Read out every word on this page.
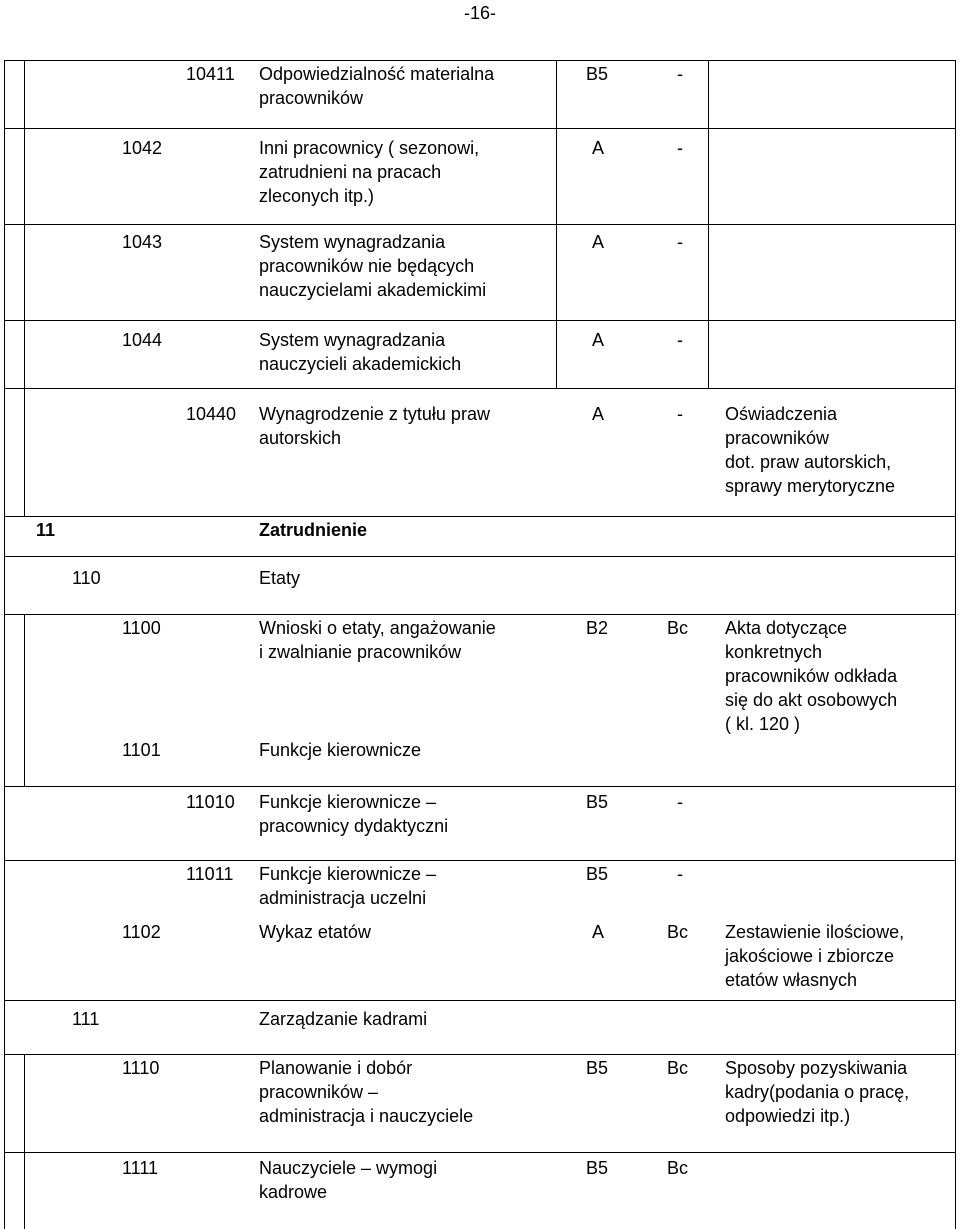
-16-
10411 Odpowiedzialność materialna
pracowników
B5	-
1042	Inni pracownicy ( sezonowi,
zatrudnieni na pracach
zleconych itp.)
A	-
1043	System wynagradzania
pracowników nie będących
nauczycielami akademickimi
A	-
1044	System wynagradzania
nauczycieli akademickich
A	-
10440 Wynagrodzenie z tytułu praw
autorskich
A	- Oświadczenia
pracowników
dot. praw autorskich,
sprawy merytoryczne
11	Zatrudnienie
110	Etaty
1100	Wnioski o etaty, angażowanie
i zwalnianie pracowników
B2	Bc Akta dotyczące
konkretnych
pracowników odkłada
się do akt osobowych
( kl. 120 )
1101	Funkcje kierownicze
11010 Funkcje kierownicze –
pracownicy dydaktyczni
B5	-
11011 Funkcje kierownicze –
administracja uczelni
B5	-
1102	Wykaz etatów	A	Bc Zestawienie ilościowe,
jakościowe i zbiorcze
etatów własnych
111	Zarządzanie kadrami
1110	Planowanie i dobór
pracowników –
administracja i nauczyciele
B5	Bc Sposoby pozyskiwania
kadry(podania o pracę,
odpowiedzi itp.)
1111	Nauczyciele – wymogi
kadrowe
B5	Bc
